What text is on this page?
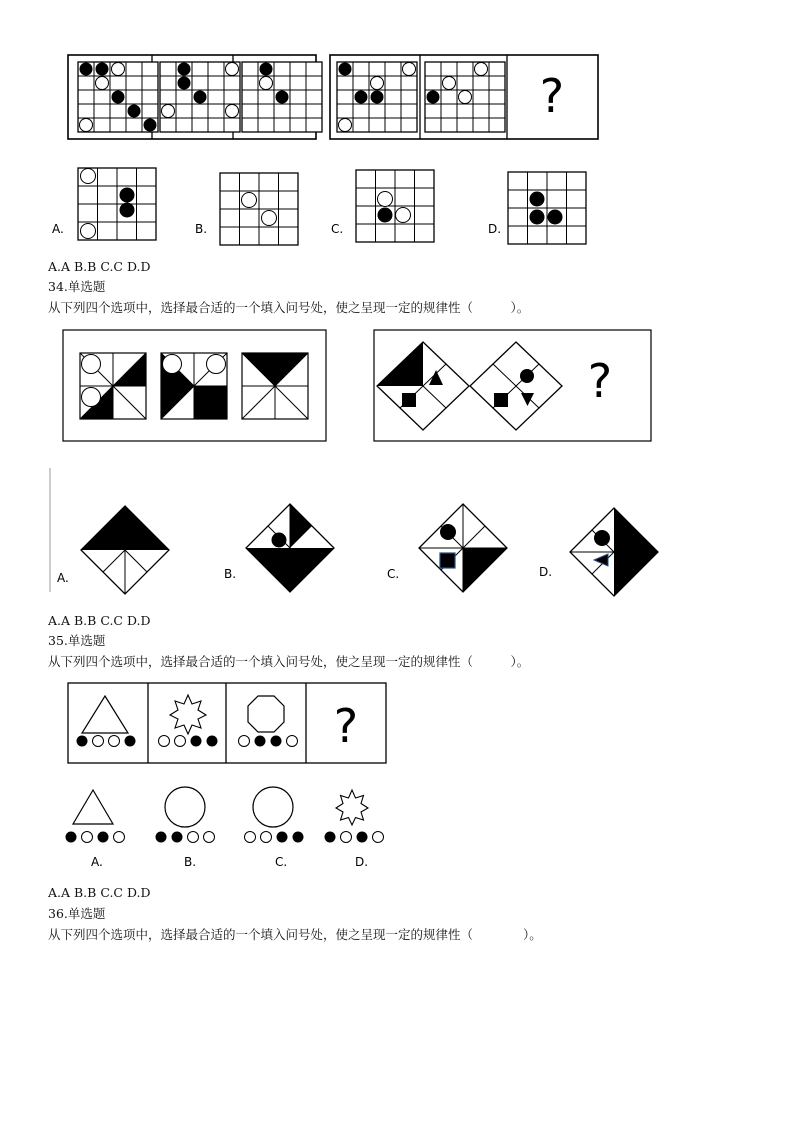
?
A.	B.	C.	D.
A.A B.B C.C D.D
34.单选题
从下列四个选项中，选择最合适的一个填入问号处，使之呈现一定的规律性（　　　）。
?
A.	B.	C.	D.
A.A B.B C.C D.D
35.单选题
从下列四个选项中，选择最合适的一个填入问号处，使之呈现一定的规律性（　　　）。
?
A.	B.	C.	D.
A.A B.B C.C D.D
36.单选题
从下列四个选项中，选择最合适的一个填入问号处，使之呈现一定的规律性（　　　　）。
